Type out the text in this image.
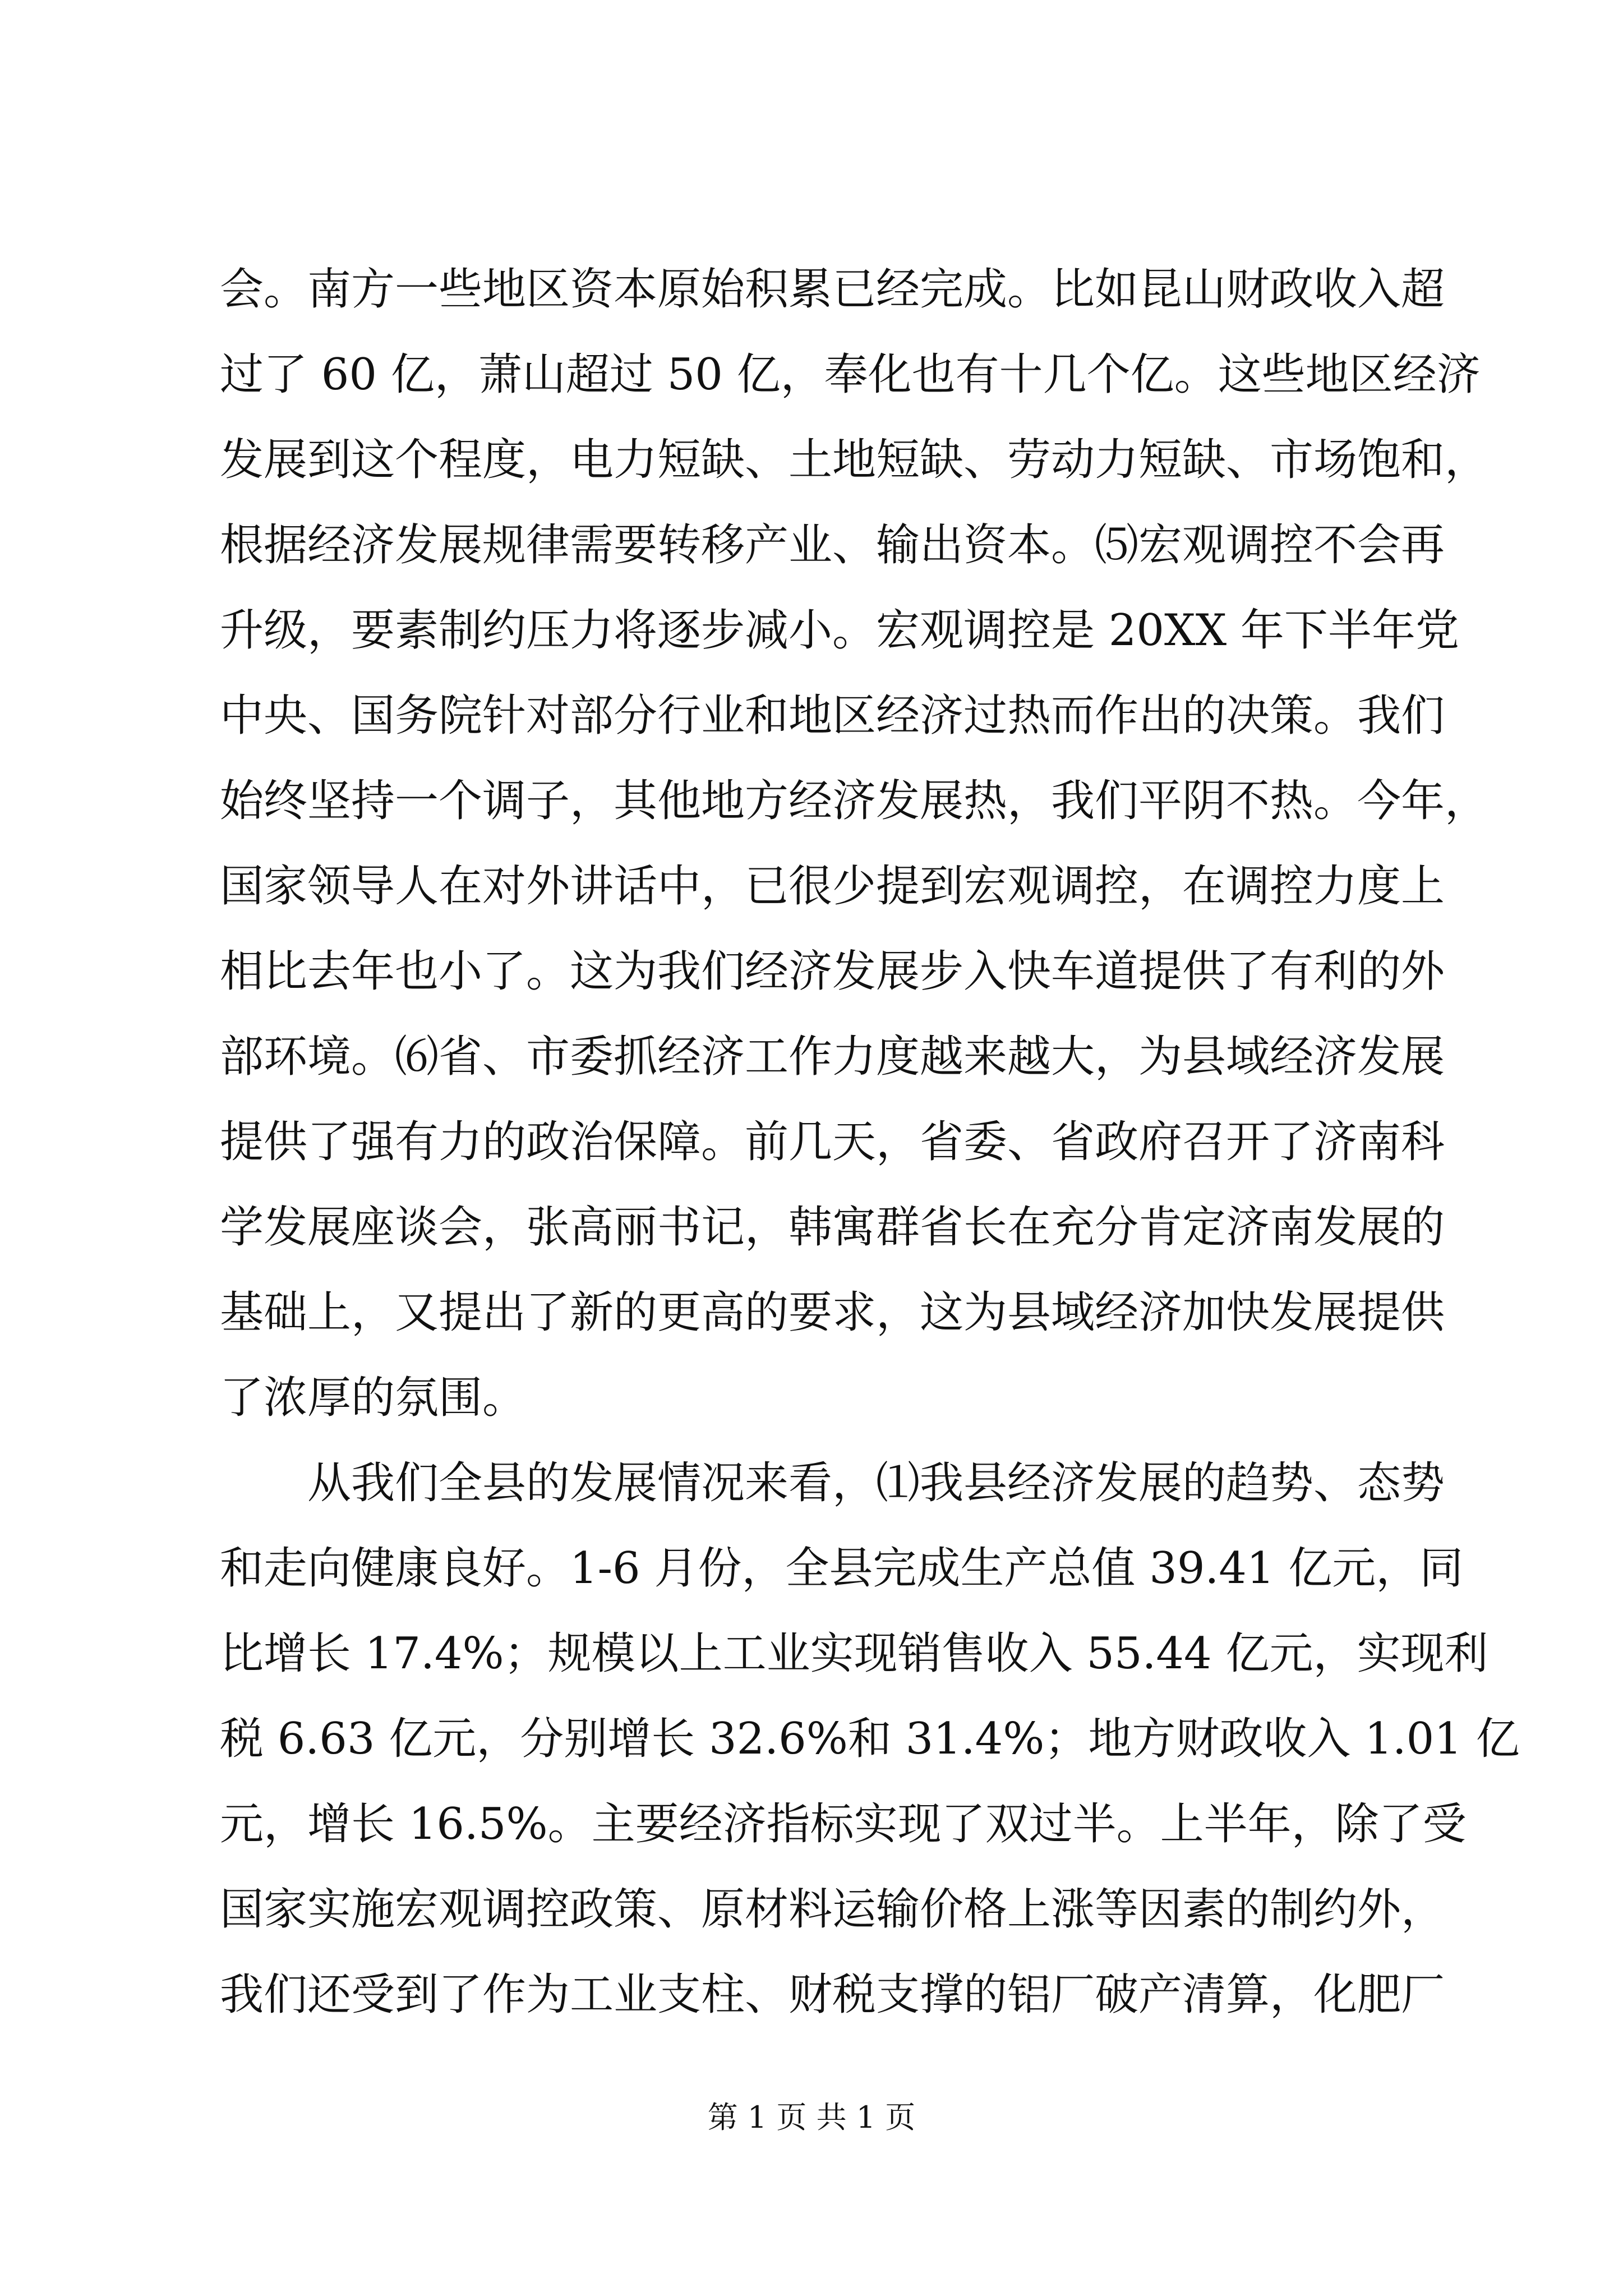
会。南方一些地区资本原始积累已经完成。比如昆山财政收入超
过了 60 亿，萧山超过 50 亿，奉化也有十几个亿。这些地区经济
发展到这个程度，电力短缺、土地短缺、劳动力短缺、市场饱和，
根据经济发展规律需要转移产业、输出资本。⑸宏观调控不会再
升级，要素制约压力将逐步减小。宏观调控是 20XX 年下半年党
中央、国务院针对部分行业和地区经济过热而作出的决策。我们
始终坚持一个调子，其他地方经济发展热，我们平阴不热。今年，
国家领导人在对外讲话中，已很少提到宏观调控，在调控力度上
相比去年也小了。这为我们经济发展步入快车道提供了有利的外
部环境。⑹省、市委抓经济工作力度越来越大，为县域经济发展
提供了强有力的政治保障。前几天，省委、省政府召开了济南科
学发展座谈会，张高丽书记，韩寓群省长在充分肯定济南发展的
基础上，又提出了新的更高的要求，这为县域经济加快发展提供
了浓厚的氛围。
从我们全县的发展情况来看，⑴我县经济发展的趋势、态势
和走向健康良好。1-6 月份，全县完成生产总值 39.41 亿元，同
比增长 17.4%；规模以上工业实现销售收入 55.44 亿元，实现利
税 6.63 亿元，分别增长 32.6%和 31.4%；地方财政收入 1.01 亿
元，增长 16.5%。主要经济指标实现了双过半。上半年，除了受
国家实施宏观调控政策、原材料运输价格上涨等因素的制约外，
我们还受到了作为工业支柱、财税支撑的铝厂破产清算，化肥厂
第 1 页 共 1 页
